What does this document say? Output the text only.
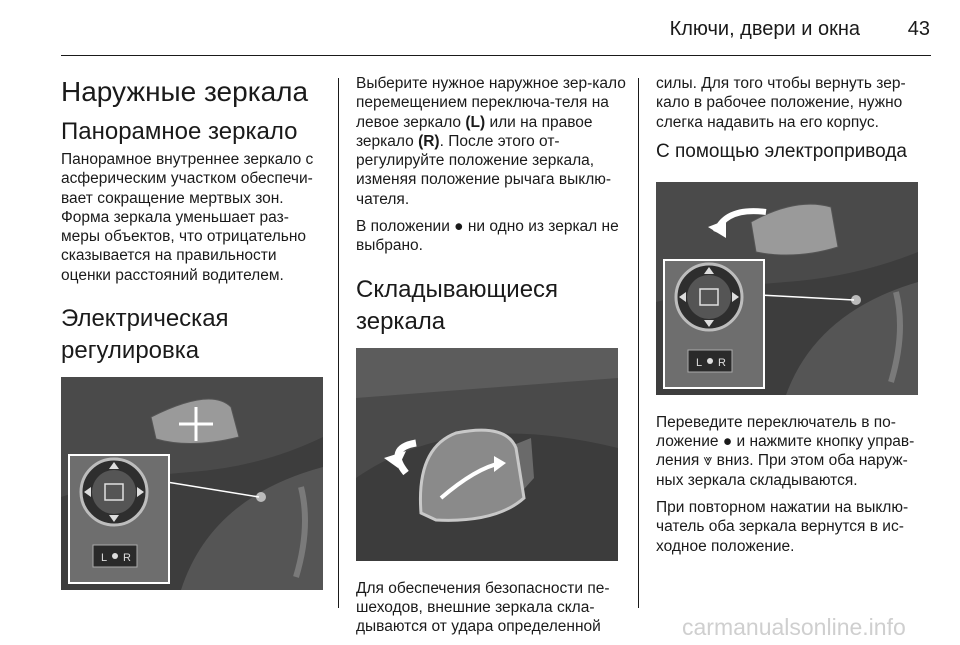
Ключи, двери и окна	43
Наружные зеркала
Панорамное зеркало

Панорамное внутреннее зеркало с асферическим участком обеспечи-вает сокращение мертвых зон. Форма зеркала уменьшает раз-меры объектов, что отрицательно сказывается на правильности оценки расстояний водителем.

Электрическая регулировка
L R

Выберите нужное наружное зер-кало перемещением переключа-теля на левое зеркало (L) или на правое зеркало (R). После этого от-регулируйте положение зеркала, изменяя положение рычага выклю-чателя.

В положении ● ни одно из зеркал не выбрано.

Складывающиеся зеркала

Для обеспечения безопасности пе-шеходов, внешние зеркала скла-дываются от удара определенной

силы. Для того чтобы вернуть зер-кало в рабочее положение, нужно слегка надавить на его корпус.

С помощью электропривода
L R

Переведите переключатель в по-ложение ● и нажмите кнопку управ-ления ⩔ вниз. При этом оба наруж-ных зеркала складываются.

При повторном нажатии на выклю-чатель оба зеркала вернутся в ис-ходное положение.

carmanualsonline.info
